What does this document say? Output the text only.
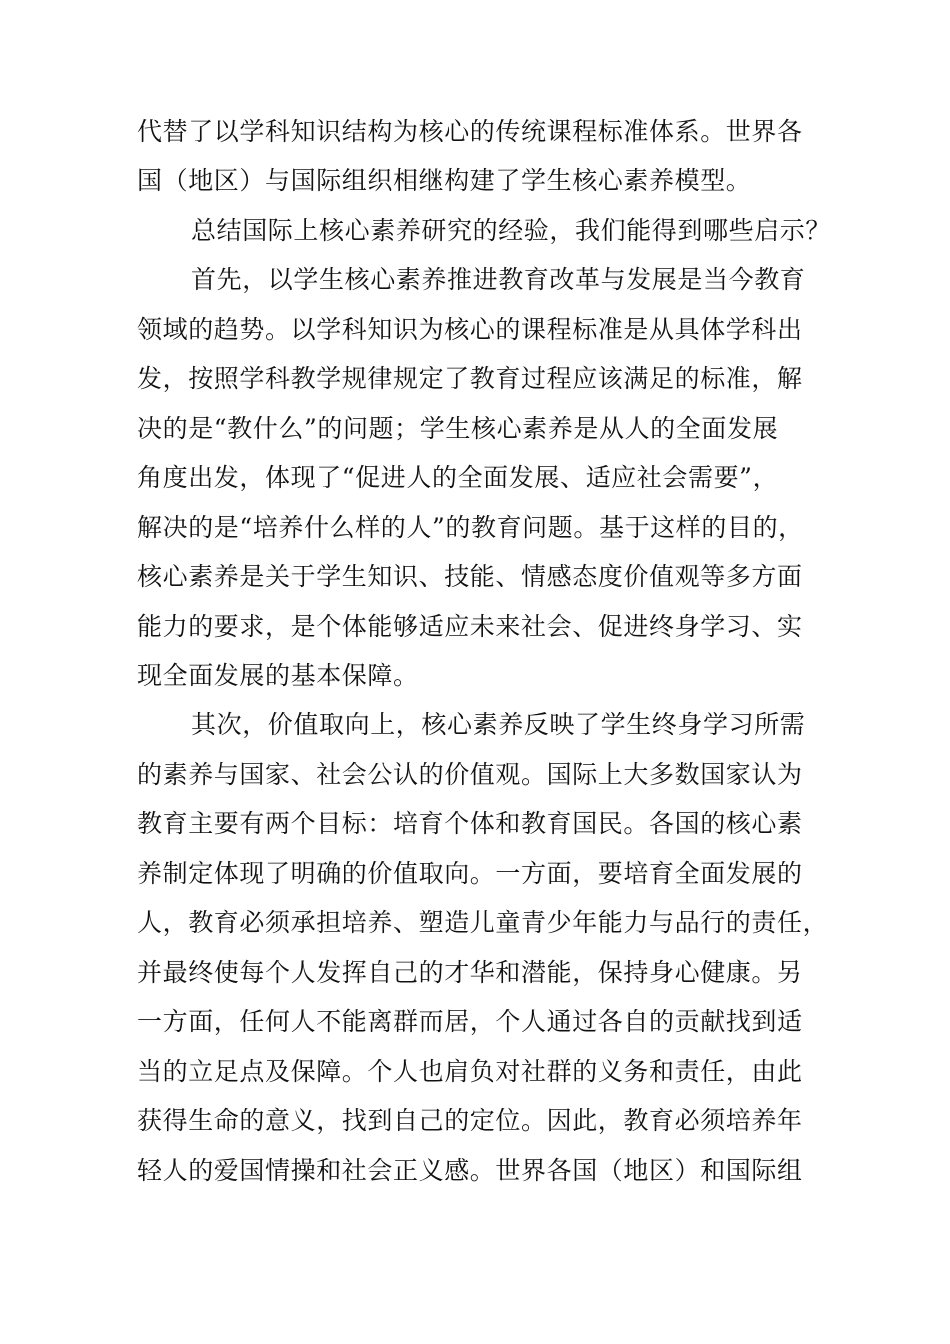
代替了以学科知识结构为核心的传统课程标准体系。世界各
国（地区）与国际组织相继构建了学生核心素养模型。
总结国际上核心素养研究的经验，我们能得到哪些启示？
首先，以学生核心素养推进教育改革与发展是当今教育
领域的趋势。以学科知识为核心的课程标准是从具体学科出
发，按照学科教学规律规定了教育过程应该满足的标准，解
决的是“教什么”的问题；学生核心素养是从人的全面发展
角度出发，体现了“促进人的全面发展、适应社会需要”，
解决的是“培养什么样的人”的教育问题。基于这样的目的，
核心素养是关于学生知识、技能、情感态度价值观等多方面
能力的要求，是个体能够适应未来社会、促进终身学习、实
现全面发展的基本保障。
其次，价值取向上，核心素养反映了学生终身学习所需
的素养与国家、社会公认的价值观。国际上大多数国家认为
教育主要有两个目标：培育个体和教育国民。各国的核心素
养制定体现了明确的价值取向。一方面，要培育全面发展的
人，教育必须承担培养、塑造儿童青少年能力与品行的责任，
并最终使每个人发挥自己的才华和潜能，保持身心健康。另
一方面，任何人不能离群而居，个人通过各自的贡献找到适
当的立足点及保障。个人也肩负对社群的义务和责任，由此
获得生命的意义，找到自己的定位。因此，教育必须培养年
轻人的爱国情操和社会正义感。世界各国（地区）和国际组
